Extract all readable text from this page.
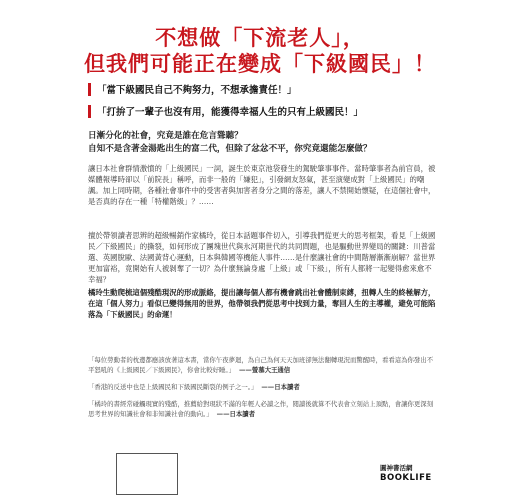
不想做「下流老人」，
但我們可能正在變成「下級國民」！
「當下級國民自己不夠努力，不想承擔責任！」
「打拚了一輩子也沒有用，能獲得幸福人生的只有上級國民！」
日漸分化的社會，究竟是誰在危言聳聽？
自知不是含著金湯匙出生的富二代，但除了忿忿不平，你究竟還能怎麼做？
讓日本社會群情激憤的「上級國民」一詞，誕生於東京池袋發生的駕駛肇事事件。當時肇事者為前官員，被媒體報導時卻以「前院長」稱呼，而非一般的「嫌犯」，引發網友怒氣，甚至演變成對「上級國民」的嘲諷。加上同時期，各種社會事件中的受害者與加害者身分之間的落差，讓人不禁開始懷疑，在這個社會中，是否真的存在一種「特權階級」？……
擅於帶領讀者思辨的超級暢銷作家橘玲，從日本話題事件切入，引導我們從更大的思考框架，看見「上級國民／下級國民」的撕裂，如何形成了團塊世代與氷河期世代的共同問題，也是驅動世界變局的關鍵：川普當選、英國脫歐、法國黃背心運動，日本與韓國等機能人事件……是什麼讓社會的中間階層漸漸崩解？當世界更加富裕，竟開始有人被剝奪了一切？為什麼無論身處「上級」或「下級」，所有人都將一起變得愈來愈不幸福？
橘玲生動爬梳這個殘酷現況的形成脈絡，提出讓每個人都有機會跳出社會體制束縛，扭轉人生的終極解方，在這「個人努力」看似已變得無用的世界，他帶領我們從思考中找到力量，奪回人生的主導權，避免可能陷落為「下級國民」的命運！
「每位勞動者的枕邊都應該放著這本書，當你午夜夢迴，為自己為何天天加班卻無法翻轉現況而驚醒時，看看這為你發出不平怒吼的《上級國民／下級國民》，你會比較好睡。」 ——螢慕大王通信
「香港的反送中也是上級國民和下級國民斷裂的例子之一。」 ——日本讀者
「橘玲的書經常碰觸現實的殘酷，推薦給對現狀不滿的年輕人必讀之作，閱讀後就算不代表會立刻站上頂點，會讓你更深刻思考世界的知識社會和非知識社會的動向。」 ——日本讀者
圓神書活網
BOOKLIFE
